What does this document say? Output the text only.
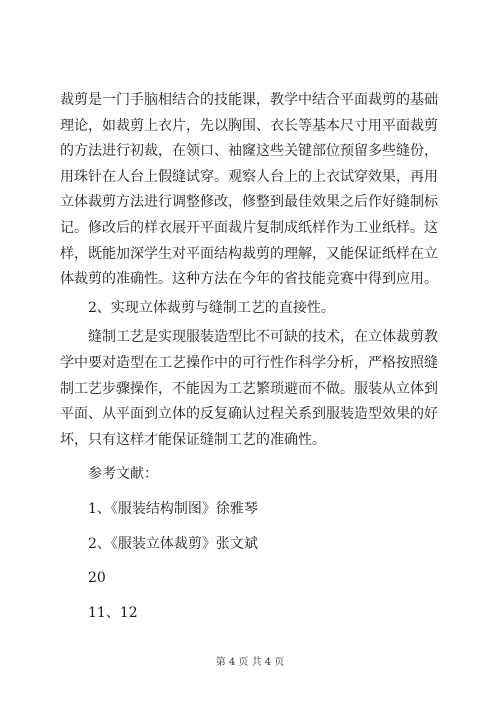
裁剪是一门手脑相结合的技能课，教学中结合平面裁剪的基础理论，如裁剪上衣片，先以胸围、衣长等基本尺寸用平面裁剪的方法进行初裁，在领口、袖窿这些关键部位预留多些缝份，用珠针在人台上假缝试穿。观察人台上的上衣试穿效果，再用立体裁剪方法进行调整修改，修整到最佳效果之后作好缝制标记。修改后的样衣展开平面裁片复制成纸样作为工业纸样。这样，既能加深学生对平面结构裁剪的理解，又能保证纸样在立体裁剪的准确性。这种方法在今年的省技能竞赛中得到应用。

2、实现立体裁剪与缝制工艺的直接性。

缝制工艺是实现服装造型比不可缺的技术，在立体裁剪教学中要对造型在工艺操作中的可行性作科学分析，严格按照缝制工艺步骤操作，不能因为工艺繁琐避而不做。服装从立体到平面、从平面到立体的反复确认过程关系到服装造型效果的好坏，只有这样才能保证缝制工艺的准确性。

参考文献：

1、《服装结构制图》徐雅琴

2、《服装立体裁剪》张文斌

20

11、12

第 4 页 共 4 页
